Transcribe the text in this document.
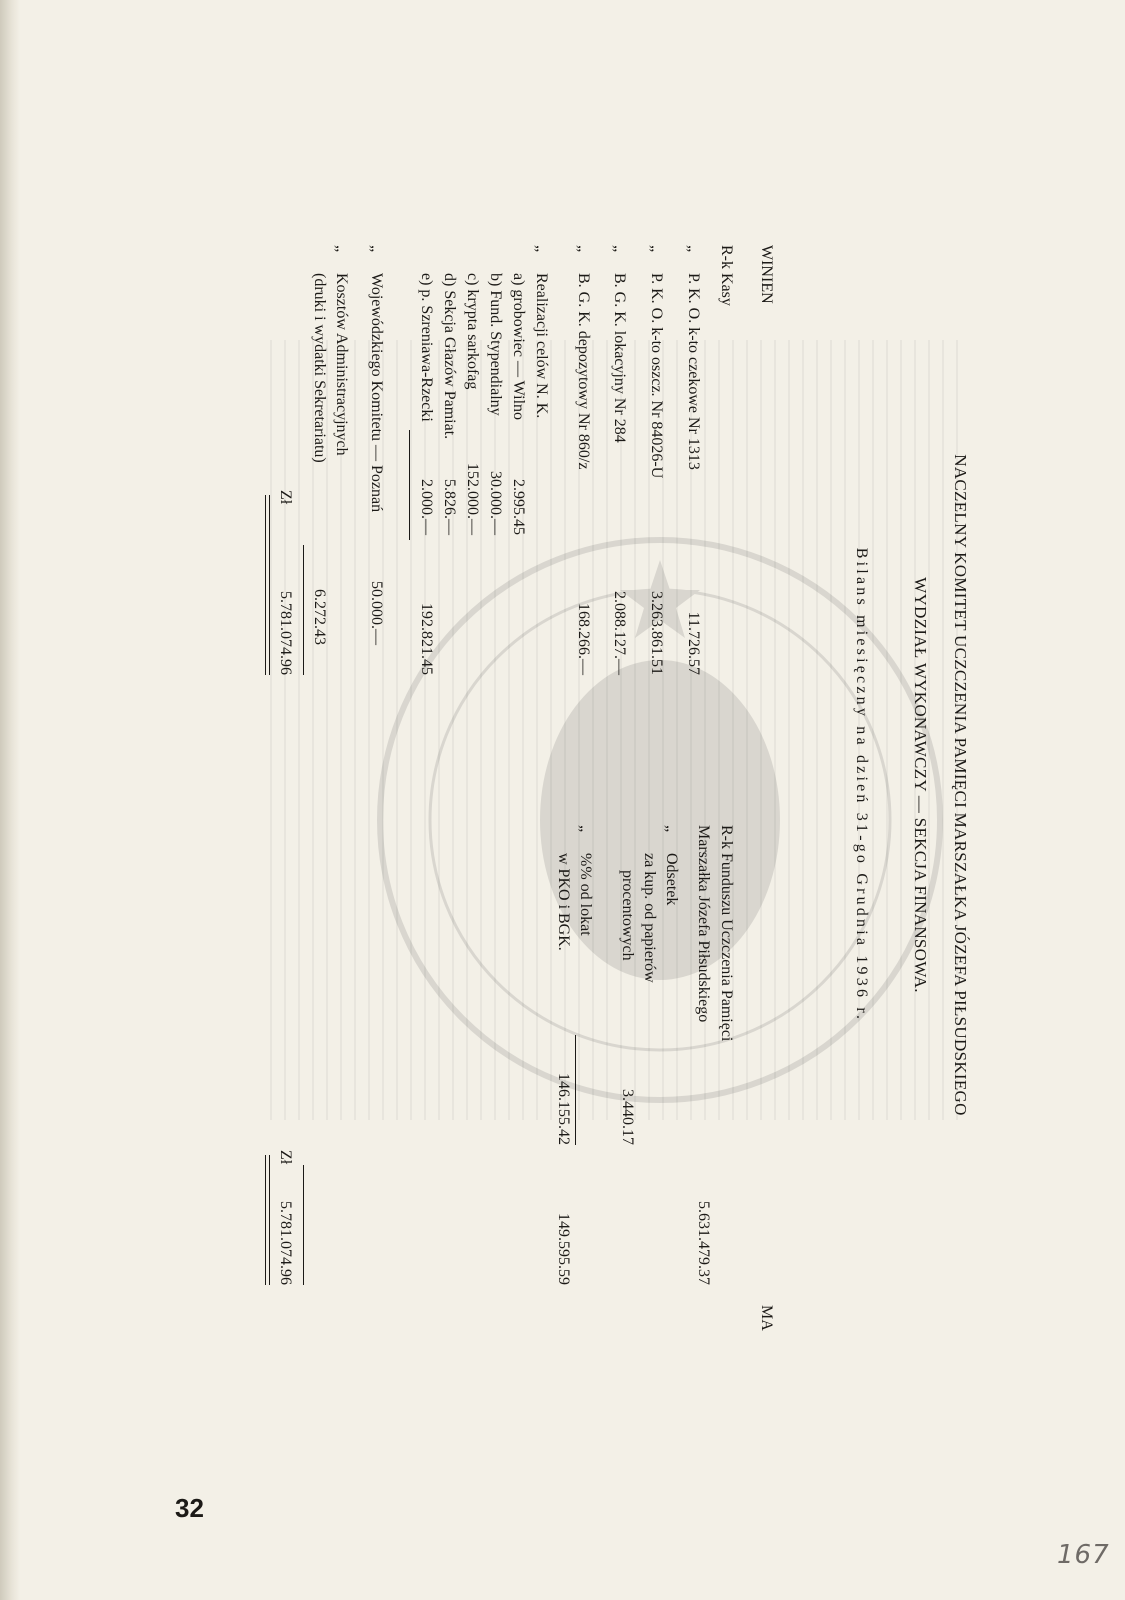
NACZELNY KOMITET UCZCZENIA PAMIĘCI MARSZAŁKA JÓZEFA PIŁSUDSKIEGO
WYDZIAŁ WYKONAWCZY — SEKCJA FINANSOWA.
Bilans miesięczny na dzień 31-go Grudnia 1936 r.
WINIEN
MA
R-k Kasy
„
P. K. O. k-to czekowe Nr 1313
11.726.57
„
P. K. O. k-to oszcz. Nr 84026-U
3.263.861.51
„
B. G. K. lokacyjny Nr 284
2.088.127.—
„
B. G. K. depozytowy Nr 860/z
168.266.—
„
Realizacji celów N. K.
a) grobowiec — Wilno
2.995.45
b) Fund. Stypendialny
30.000.—
c) krypta sarkofag
152.000.—
d) Sekcja Głazów Pamiat.
5.826.—
e) p. Szreniawa-Rzecki
2.000.—
192.821.45
„
Wojewódzkiego Komitetu — Poznań
50.000.—
„
Kosztów Administracyjnych
(druki i wydatki Sekretariatu)
6.272.43
Zł
5.781.074.96
R-k Funduszu Uczczenia Pamięci
Marszałka Józefa Piłsudskiego
5.631.479.37
„
Odsetek
za kup. od papierów
procentowych
3.440.17
„
%% od lokat
w PKO i BGK.
146.155.42
149.595.59
Zł
5.781.074.96
32
167
